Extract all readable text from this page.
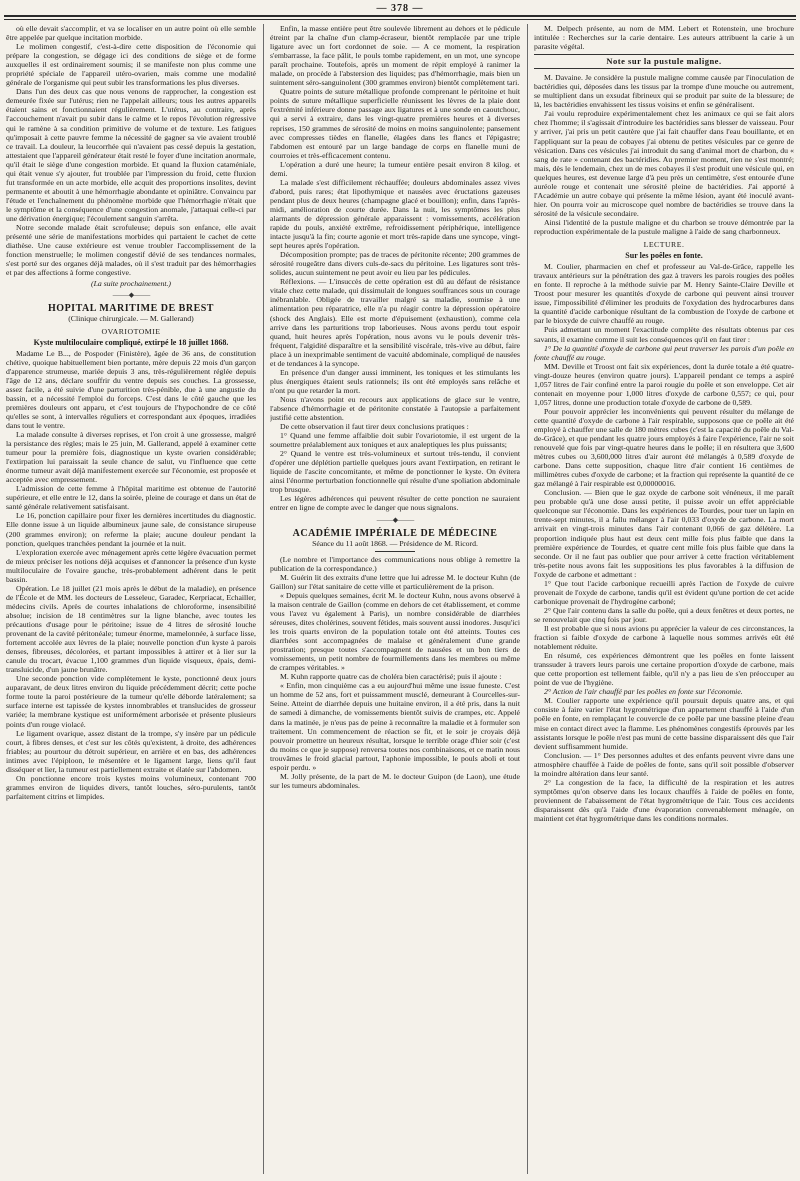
— 378 —

où elle devait s'accomplir, et va se localiser en un autre point où elle semble être appelée par quelque incitation morbide.

Le molimen congestif, c'est-à-dire cette disposition de l'économie qui prépare la congestion, se dégage ici des conditions de siège et de forme auxquelles il est ordinairement soumis; il se manifeste non plus comme une propriété spéciale de l'appareil utéro-ovarien, mais comme une modalité générale de l'organisme qui peut subir les transformations les plus diverses.

Dans l'un des deux cas que nous venons de rapprocher, la congestion est demeurée fixée sur l'utérus; rien ne l'appelait ailleurs; tous les autres appareils étaient sains et fonctionnaient régulièrement. L'utérus, au contraire, après l'accouchement n'avait pu subir dans le calme et le repos l'évolution régressive qui le ramène à sa condition primitive de volume et de texture. Les fatigues qu'imposait à cette pauvre femme la nécessité de gagner sa vie avaient troublé ce travail. La douleur, la leucorrhée qui n'avaient pas cessé depuis la gestation, attestaient que l'appareil générateur était resté le foyer d'une incitation anormale, qu'il était le siège d'une congestion morbide. Et quand la fluxion cataméniale, qui était venue s'y ajouter, fut troublée par l'impression du froid, cette fluxion fut transformée en un acte morbide, elle acquit des proportions insolites, devint permanente et aboutit à une hémorrhagie abondante et opiniâtre. Convaincu par l'étude et l'enchaînement du phénomène morbide que l'hémorrhagie n'était que le symptôme et la conséquence d'une congestion anomale, j'attaquai celle-ci par une dérivation énergique; l'écoulement sanguin s'arrêta.

Notre seconde malade était scrofuleuse; depuis son enfance, elle avait présenté une série de manifestations morbides qui partaient le cachet de cette diathèse. Une cause extérieure est venue troubler l'accomplissement de la fonction menstruelle; le molimen congestif dévié de ses tendances normales, s'est porté sur des organes déjà malades, où il s'est traduit par des hémorrhagies et par des affections à forme congestive.

(La suite prochainement.)

⸻◆⸻
HOPITAL MARITIME DE BREST
(Clinique chirurgicale. — M. Gallerand)
OVARIOTOMIE
Kyste multiloculaire compliqué, extirpé le 18 juillet 1868.

Madame Le B..., de Pospoder (Finistère), âgée de 36 ans, de constitution chétive, quoique habituellement bien portante, mère depuis 22 mois d'un garçon d'apparence strumeuse, mariée depuis 3 ans, très-régulièrement réglée depuis l'âge de 12 ans, déclare souffrir du ventre depuis ses couches. La grossesse, assez facile, a été suivie d'une parturition très-pénible, due à une angustie du bassin, et a nécessité l'emploi du forceps. C'est dans le côté gauche que les premières douleurs ont apparu, et c'est toujours de l'hypochondre de ce côté qu'elles se sont, à intervalles réguliers et correspondant aux époques, irradiées dans tout le ventre.

La malade consulte à diverses reprises, et l'on croit à une grossesse, malgré la persistance des règles; mais le 25 juin, M. Gallerand, appelé à examiner cette tumeur pour la première fois, diagnostique un kyste ovarien considérable; l'extirpation lui paraissait la seule chance de salut, vu l'influence que cette énorme tumeur avait déjà manifestement exercée sur l'économie, est proposée et acceptée avec empressement.

L'admission de cette femme à l'hôpital maritime est obtenue de l'autorité supérieure, et elle entre le 12, dans la soirée, pleine de courage et dans un état de santé générale relativement satisfaisant.

Le 16, ponction capillaire pour fixer les dernières incertitudes du diagnostic. Elle donne issue à un liquide albumineux jaune sale, de consistance sirupeuse (200 grammes environ); on referme la plaie; aucune douleur pendant la ponction, quelques tranchées pendant la journée et la nuit.

L'exploration exercée avec ménagement après cette légère évacuation permet de mieux préciser les notions déjà acquises et d'annoncer la présence d'un kyste multiloculaire de l'ovaire gauche, très-probablement adhérent dans le petit bassin.

Opération. Le 18 juillet (21 mois après le début de la maladie), en présence de l'École et de MM. les docteurs de Lesseleuc, Garadec, Kerpriacat, Echailler, médecins civils. Après de courtes inhalations de chloroforme, insensibilité absolue; incision de 18 centimètres sur la ligne blanche, avec toutes les précautions d'usage pour le péritoine; issue de 4 litres de sérosité louche provenant de la cavité péritonéale; tumeur énorme, mamelonnée, à surface lisse, fortement accolée aux lèvres de la plaie; nouvelle ponction d'un kyste à parois denses, fibreuses, décolorées, et partant impossibles à attirer et à lier sur la canule du trocart, évacue 1,100 grammes d'un liquide visqueux, épais, demi-transluicide, d'un jaune brunâtre.

Une seconde ponction vide complètement le kyste, ponctionné deux jours auparavant, de deux litres environ du liquide précédemment décrit; cette poche forme toute la paroi postérieure de la tumeur qu'elle déborde latéralement; sa surface interne est tapissée de kystes innombrables et translucides de grosseur variée; la membrane kystique est uniformément arborisée et présente plusieurs points d'un rouge violacé.

Le ligament ovarique, assez distant de la trompe, s'y insère par un pédicule court, à fibres denses, et c'est sur les côtés qu'existent, à droite, des adhérences friables; au pourtour du détroit supérieur, en arrière et en bas, des adhérences intimes avec l'épiploon, le mésentère et le ligament large, liens qu'il faut disséquer et lier, la tumeur est partiellement extraite et élatée sur l'abdomen.

On ponctionne encore trois kystes moins volumineux, contenant 700 grammes environ de liquides divers, tantôt louches, séro-purulents, tantôt parfaitement citrins et limpides.

Enfin, la masse entière peut être soulevée librement au dehors et le pédicule étreint par la chaîne d'un clamp-écraseur, bientôt remplacée par une triple ligature avec un fort cordonnet de soie. — A ce moment, la respiration s'embarrasse, la face pâlit, le pouls tombe rapidement, en un mot, une syncope paraît prochaine. Toutefois, après un moment de répit employé à ranimer la malade, on procède à l'abstersion des liquides; pas d'hémorrhagie, mais bien un suintement séro-sanguinolent (300 grammes environ) bientôt complètement tari.

Quatre points de suture métallique profonde comprenant le péritoine et huit points de suture métallique superficielle réunissent les lèvres de la plaie dont l'extrémité inférieure donne passage aux ligatures et à une sonde en caoutchouc, qui a servi à extraire, dans les vingt-quatre premières heures et à diverses reprises, 150 grammes de sérosité de moins en moins sanguinolente; pansement avec compresses tièdes en flanelle, élagées dans les flancs et l'épigastre; l'abdomen est entouré par un large bandage de corps en flanelle muni de courroies et très-efficacement contenu.

L'opération a duré une heure; la tumeur entière pesait environ 8 kilog. et demi.

La malade s'est difficilement réchauffée; douleurs abdominales assez vives d'abord, puis rares; état lipothymique et nausées avec éructations gazeuses pendant plus de deux heures (champagne glacé et bouillon); enfin, dans l'après-midi, amélioration de courte durée. Dans la nuit, les symptômes les plus alarmants de dépression générale apparaissent : vomissements, accélération rapide du pouls, anxiété extrême, refroidissement périphérique, intelligence intacte jusqu'à la fin; courte agonie et mort très-rapide dans une syncope, vingt-sept heures après l'opération.

Décomposition prompte; pas de traces de péritonite récente; 200 grammes de sérosité rougeâtre dans divers culs-de-sacs du péritoine. Les ligatures sont très-solides, aucun suintement ne peut avoir eu lieu par les pédicules.

Réflexions. — L'insuccès de cette opération est dû au défaut de résistance vitale chez cette malade, qui dissimulait de longues souffrances sous un courage inébranlable. Obligée de travailler malgré sa maladie, soumise à une alimentation peu réparatrice, elle n'a pu réagir contre la dépression opératoire (shock des Anglais). Elle est morte d'épuisement (exhaustion), comme cela arrive dans les parturitions trop laborieuses. Nous avons perdu tout espoir quand, huit heures après l'opération, nous avons vu le pouls devenir très-fréquent, l'algidité disparaître et la sensibilité viscérale, très-vive au début, faire place à un inexprimable sentiment de vacuité abdominale, compliqué de nausées et de tendances à la syncope.

En présence d'un danger aussi imminent, les toniques et les stimulants les plus énergiques étaient seuls rationnels; ils ont été employés sans relâche et n'ont pu que retarder la mort.

Nous n'avons point eu recours aux applications de glace sur le ventre, l'absence d'hémorrhagie et de péritonite constatée à l'autopsie a parfaitement justifié cette abstention.

De cette observation il faut tirer deux conclusions pratiques :

1° Quand une femme affaiblie doit subir l'ovariotomie, il est urgent de la soumettre préalablement aux toniques et aux analeptiques les plus puissants;

2° Quand le ventre est très-volumineux et surtout très-tendu, il convient d'opérer une déplétion partielle quelques jours avant l'extirpation, en retirant le liquide de l'ascite concomitante, et même de ponctionner le kyste. On évitera ainsi l'énorme perturbation fonctionnelle qui résulte d'une spoliation abdominale trop brusque.

Les légères adhérences qui peuvent résulter de cette ponction ne sauraient entrer en ligne de compte avec le danger que nous signalons.

⸻◆⸻
ACADÉMIE IMPÉRIALE DE MÉDECINE
Séance du 11 août 1868. — Présidence de M. Ricord.

(Le nombre et l'importance des communications nous oblige à remettre la publication de la correspondance.)

M. Guérin lit des extraits d'une lettre que lui adresse M. le docteur Kuhn (de Gaillon) sur l'état sanitaire de cette ville et particulièrement de la prison.

« Depuis quelques semaines, écrit M. le docteur Kuhn, nous avons observé à la maison centrale de Gaillon (comme en dehors de cet établissement, et comme vous l'avez vu également à Paris), un nombre considérable de diarrhées séreuses, dites cholérines, souvent fétides, mais souvent aussi inodores. Jusqu'ici les trois quarts environ de la population totale ont été atteints. Toutes ces diarrhées sont accompagnées de malaise et généralement d'une grande prostration; presque toutes s'accompagnent de nausées et un bon tiers de vomissements, un petit nombre de fourmillements dans les membres ou même de crampes véritables. »

M. Kuhn rapporte quatre cas de choléra bien caractérisé; puis il ajoute :

« Enfin, mon cinquième cas a eu aujourd'hui même une issue funeste. C'est un homme de 52 ans, fort et puissamment musclé, demeurant à Courcelles-sur-Seine. Atteint de diarrhée depuis une huitaine environ, il a été pris, dans la nuit de samedi à dimanche, de vomissements bientôt suivis de crampes, etc. Appelé dans la matinée, je n'eus pas de peine à reconnaître la maladie et à formuler son traitement. Un commencement de réaction se fit, et le soir je croyais déjà pouvoir promettre un heureux résultat, lorsque le terrible orage d'hier soir (c'est du moins ce que je suppose) renversa toutes nos combinaisons, et ce matin nous trouvâmes le froid glacial partout, l'aphonie impossible, le pouls aboli et tout espoir perdu. »

M. Jolly présente, de la part de M. le docteur Guipon (de Laon), une étude sur les tumeurs abdominales.

M. Delpech présente, au nom de MM. Lebert et Rotenstein, une brochure intitulée : Recherches sur la carie dentaire. Les auteurs attribuent la carie à un parasite végétal.

Note sur la pustule maligne.

M. Davaine. Je considère la pustule maligne comme causée par l'inoculation de bactéridies qui, déposées dans les tissus par la trompe d'une mouche ou autrement, se multiplient dans un exsudat fibrineux qui se produit par suite de la blessure; de là, les bactéridies envahissent les tissus voisins et enfin se généralisent.

J'ai voulu reproduire expérimentalement chez les animaux ce qui se fait alors chez l'homme; il s'agissait d'introduire les bactéridies sans blesser de vaisseau. Pour y arriver, j'ai pris un petit cautère que j'ai fait chauffer dans l'eau bouillante, et en l'appliquant sur la peau de cobayes j'ai obtenu de petites vésicules par ce genre de vésication. Dans ces vésicules j'ai introduit du sang d'animal mort de charbon, du « sang de rate » contenant des bactéridies. Au premier moment, rien ne s'est montré; mais, dès le lendemain, chez un de mes cobayes il s'est produit une vésicule qui, en quelques heures, est devenue large d'à peu près un centimètre, s'est entourée d'une auréole rouge et contenait une sérosité pleine de bactéridies. J'ai apporté à l'Académie un autre cobaye qui présente la même lésion, ayant été inoculé avant-hier. On pourra voir au microscope quel nombre de bactéridies se trouve dans la sérosité de la vésicule secondaire.

Ainsi l'identité de la pustule maligne et du charbon se trouve démontrée par la reproduction expérimentale de la pustule maligne à l'aide de sang charbonneux.

LECTURE.
Sur les poêles en fonte.

M. Coulier, pharmacien en chef et professeur au Val-de-Grâce, rappelle les travaux antérieurs sur la pénétration des gaz à travers les parois rougies des poêles en fonte. Il reproche à la méthode suivie par M. Henry Sainte-Claire Deville et Troost pour mesurer les quantités d'oxyde de carbone qui peuvent ainsi trouver issue, l'impossibilité d'éliminer les produits de l'oxydation des hydrocarbures dans la quantité d'acide carbonique résultant de la combustion de l'oxyde de carbone et par le bioxyde de cuivre chauffé au rouge.

Puis admettant un moment l'exactitude complète des résultats obtenus par ces savants, il examine comme il suit les conséquences qu'il en faut tirer :

1° De la quantité d'oxyde de carbone qui peut traverser les parois d'un poêle en fonte chauffé au rouge.

MM. Deville et Troost ont fait six expériences, dont la durée totale a été quatre-vingt-douze heures (environ quatre jours). L'appareil pendant ce temps a aspiré 1,057 litres de l'air confiné entre la paroi rougie du poêle et son enveloppe. Cet air contenait en moyenne pour 1,000 litres d'oxyde de carbone 0,557; ce qui, pour 1,057 litres, donne une production totale d'oxyde de carbone de 0,589.

Pour pouvoir apprécier les inconvénients qui peuvent résulter du mélange de cette quantité d'oxyde de carbone à l'air respirable, supposons que ce poêle ait été employé à chauffer une salle de 180 mètres cubes (c'est la capacité du poêle du Val-de-Grâce), et que pendant les quatre jours employés à faire l'expérience, l'air ne soit renouvelé que fois par vingt-quatre heures dans le poêle; il en résultera que 3,600 mètres cubes ou 3,600,000 litres d'air auront été mélangés à 0,589 d'oxyde de carbone. Dans cette supposition, chaque litre d'air contient 16 centièmes de millimètres cubes d'oxyde de carbone; et la fraction qui représente la quantité de ce gaz mélangé à l'air respirable est 0,00000016.

Conclusion. — Bien que le gaz oxyde de carbone soit vénéneux, il me paraît peu probable qu'à une dose aussi petite, il puisse avoir un effet appréciable quelconque sur l'économie. Dans les expériences de Tourdes, pour tuer un lapin en trente-sept minutes, il a fallu mélanger à l'air 0,033 d'oxyde de carbone. La mort arrivait en vingt-trois minutes dans l'air contenant 0,066 de gaz délétère. La proportion indiquée plus haut est deux cent mille fois plus faible que dans la première expérience de Tourdes, et quatre cent mille fois plus faible que dans la seconde. Or il ne faut pas oublier que pour arriver à cette fraction véritablement très-petite nous avons fait les suppositions les plus favorables à la diffusion de l'oxyde de carbone et admettant :

1° Que tout l'acide carbonique recueilli après l'action de l'oxyde de cuivre provenait de l'oxyde de carbone, tandis qu'il est évident qu'une portion de cet acide carbonique provenait de l'hydrogène carboné;

2° Que l'air contenu dans la salle du poêle, qui a deux fenêtres et deux portes, ne se renouvelait que cinq fois par jour.

Il est probable que si nous avions pu apprécier la valeur de ces circonstances, la fraction si faible d'oxyde de carbone à laquelle nous sommes arrivés eût été notablement réduite.

En résumé, ces expériences démontrent que les poêles en fonte laissent transsuder à travers leurs parois une certaine proportion d'oxyde de carbone, mais que cette proportion est tellement faible, qu'il n'y a pas lieu de s'en préoccuper au point de vue de l'hygiène.

2° Action de l'air chauffé par les poêles en fonte sur l'économie.

M. Coulier rapporte une expérience qu'il poursuit depuis quatre ans, et qui consiste à faire varier l'état hygrométrique d'un appartement chauffé à l'aide d'un poêle en fonte, en remplaçant le couvercle de ce poêle par une bassine pleine d'eau mise en contact direct avec la flamme. Les phénomènes congestifs éprouvés par les assistants lorsque le poêle n'est pas muni de cette bassine disparaissent dès que l'air devient suffisamment humide.

Conclusion. — 1° Des personnes adultes et des enfants peuvent vivre dans une atmosphère chauffée à l'aide de poêles de fonte, sans qu'il soit possible d'observer la moindre altération dans leur santé.

2° La congestion de la face, la difficulté de la respiration et les autres symptômes qu'on observe dans les locaux chauffés à l'aide de poêles en fonte, proviennent de l'abaissement de l'état hygrométrique de l'air. Tous ces accidents disparaissent dès qu'à l'aide d'une évaporation convenablement ménagée, on maintient cet état hygrométrique dans les conditions normales.
